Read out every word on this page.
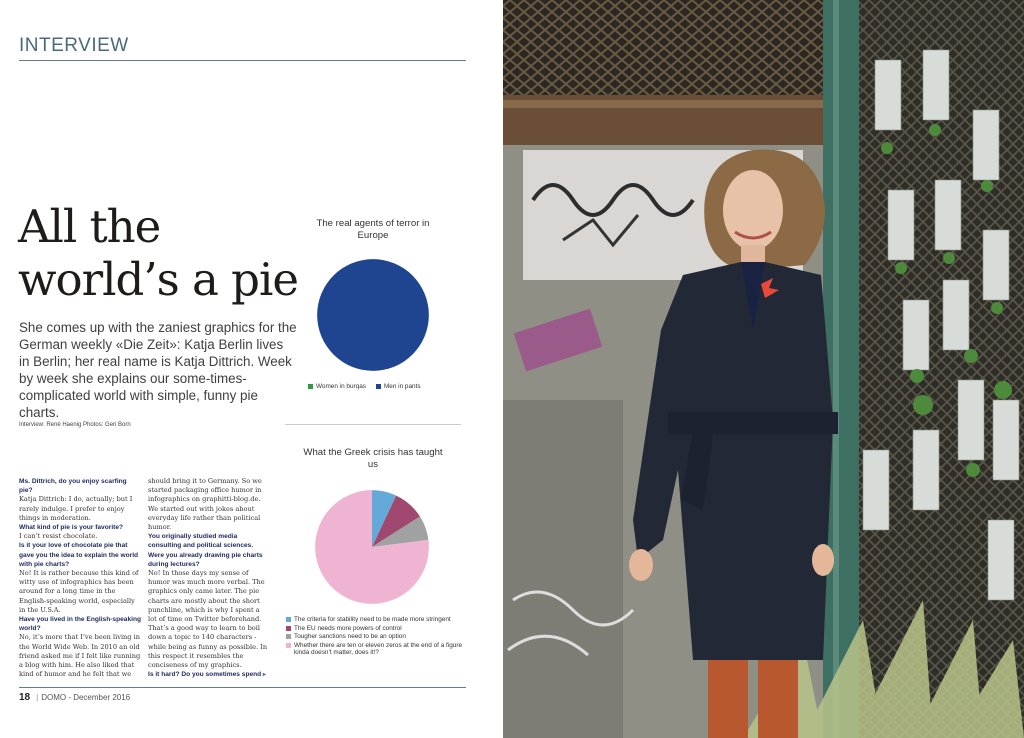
INTERVIEW
All the world’s a pie
She comes up with the zaniest graphics for the German weekly «Die Zeit»: Katja Berlin lives in Berlin; her real name is Katja Dittrich. Week by week she explains our some-times-complicated world with simple, funny pie charts.
Interview: René Haenig Photos: Geri Born

Ms. Dittrich, do you enjoy scarfing pie?

Katja Dittrich: I do, actually; but I rarely indulge. I prefer to enjoy things in moderation.

What kind of pie is your favorite?

I can’t resist chocolate.

Is it your love of chocolate pie that gave you the idea to explain the world with pie charts?

No! It is rather because this kind of witty use of infographics has been around for a long time in the English-speaking world, especially in the U.S.A.

Have you lived in the English-speaking world?

No, it’s more that I’ve been living in the World Wide Web. In 2010 an old friend asked me if I felt like running a blog with him. He also liked that kind of humor and he felt that we

should bring it to Germany. So we started packaging office humor in infographics on graphitti-blog.de. We started out with jokes about everyday life rather than political humor.

You originally studied media consulting and political sciences. Were you already drawing pie charts during lectures?

No! In those days my sense of humor was much more verbal. The graphics only came later. The pie charts are mostly about the short punchline, which is why I spent a lot of time on Twitter beforehand. That’s a good way to learn to boil down a topic to 140 characters - while being as funny as possible. In this respect it resembles the conciseness of my graphics.

Is it hard? Do you sometimes spend ▸

The real agents of terror in Europe
Women in burqas	Men in pants
What the Greek crisis has taught us
The criteria for stability need to be made more stringent
The EU needs more powers of control
Tougher sanctions need to be an option
Whether there are ten or eleven zeros at the end of a figure kinda doesn’t matter, does it!?
18 | DOMO - December 2016
